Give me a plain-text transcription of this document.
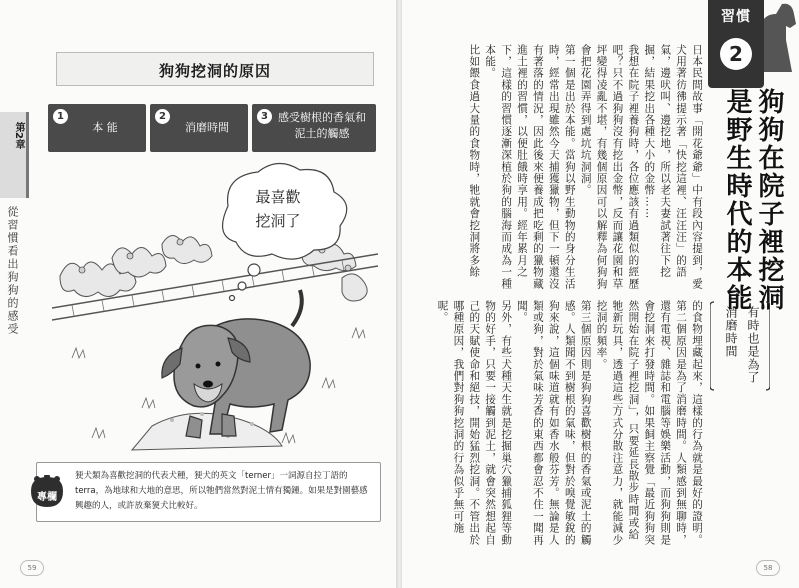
第2章
從習慣看出狗狗的感受
狗狗挖洞的原因
1
本 能
2
消磨時間
3 感受樹根的香氣和泥土的觸感
最喜歡
挖洞了
專欄
㹴犬類為喜歡挖洞的代表犬種，㹴犬的英文「terner」一詞源自拉丁語的terra，為地球和大地的意思，所以牠們當然對泥土情有獨鍾。如果是對園藝感興趣的人，或許放棄㹴犬比較好。
59	58
習慣
2
狗狗在院子裡挖洞
是野生時代的本能
有時也是為了
消磨時間

日本民間故事「開花爺爺」中有段內容提到，愛犬用著彷彿提示著「快挖這裡、汪汪汪」的語氣，邊吠叫、邊挖地，所以老夫妻試著往下挖掘，結果挖出各種大小的金幣……

我想在院子裡養狗時，各位應該有過類似的經歷吧？只不過狗狗沒有挖出金幣，反而讓花園和草坪變得凌亂不堪，有幾個原因可以解釋為何狗狗會把花園弄得到處坑坑洞洞。

第一個是出於本能。當狗以野生動物的身分生活時，經常出現雖然今天捕獲獵物，但下一頓還沒有著落的情況，因此後來便養成把吃剩的獵物藏進土裡的習慣，以便肚餓時享用。經年累月之下，這樣的習慣逐漸深植於狗的腦海而成為一種本能。

比如餵食過大量的食物時，牠就會挖洞將多餘

的食物埋藏起來，這樣的行為就是最好的證明。

第二個原因是為了消磨時間。人類感到無聊時，還有電視、雜誌和電腦等娛樂活動，而狗狗則是會挖洞來打發時間。如果飼主察覺「最近狗狗突然開始在院子裡挖洞」，只要延長散步時間或給牠新玩具，透過這些方式分散注意力，就能減少挖洞的頻率。

第三個原因則是狗狗喜歡樹根的香氣或泥土的觸感。人類聞不到樹根的氣味，但對於嗅覺敏銳的狗來說，這個味道就有如香水般芬芳。無論是人類或狗，對於氣味芳香的東西都會忍不住一聞再聞。

另外，有些犬種天生就是挖掘巢穴獵捕狐狸等動物的好手，只要一接觸到泥土，就會突然想起自己的天賦使命和絕技，開始猛烈挖洞。不管出於哪種原因，我們對狗狗挖洞的行為似乎無可施呢。
